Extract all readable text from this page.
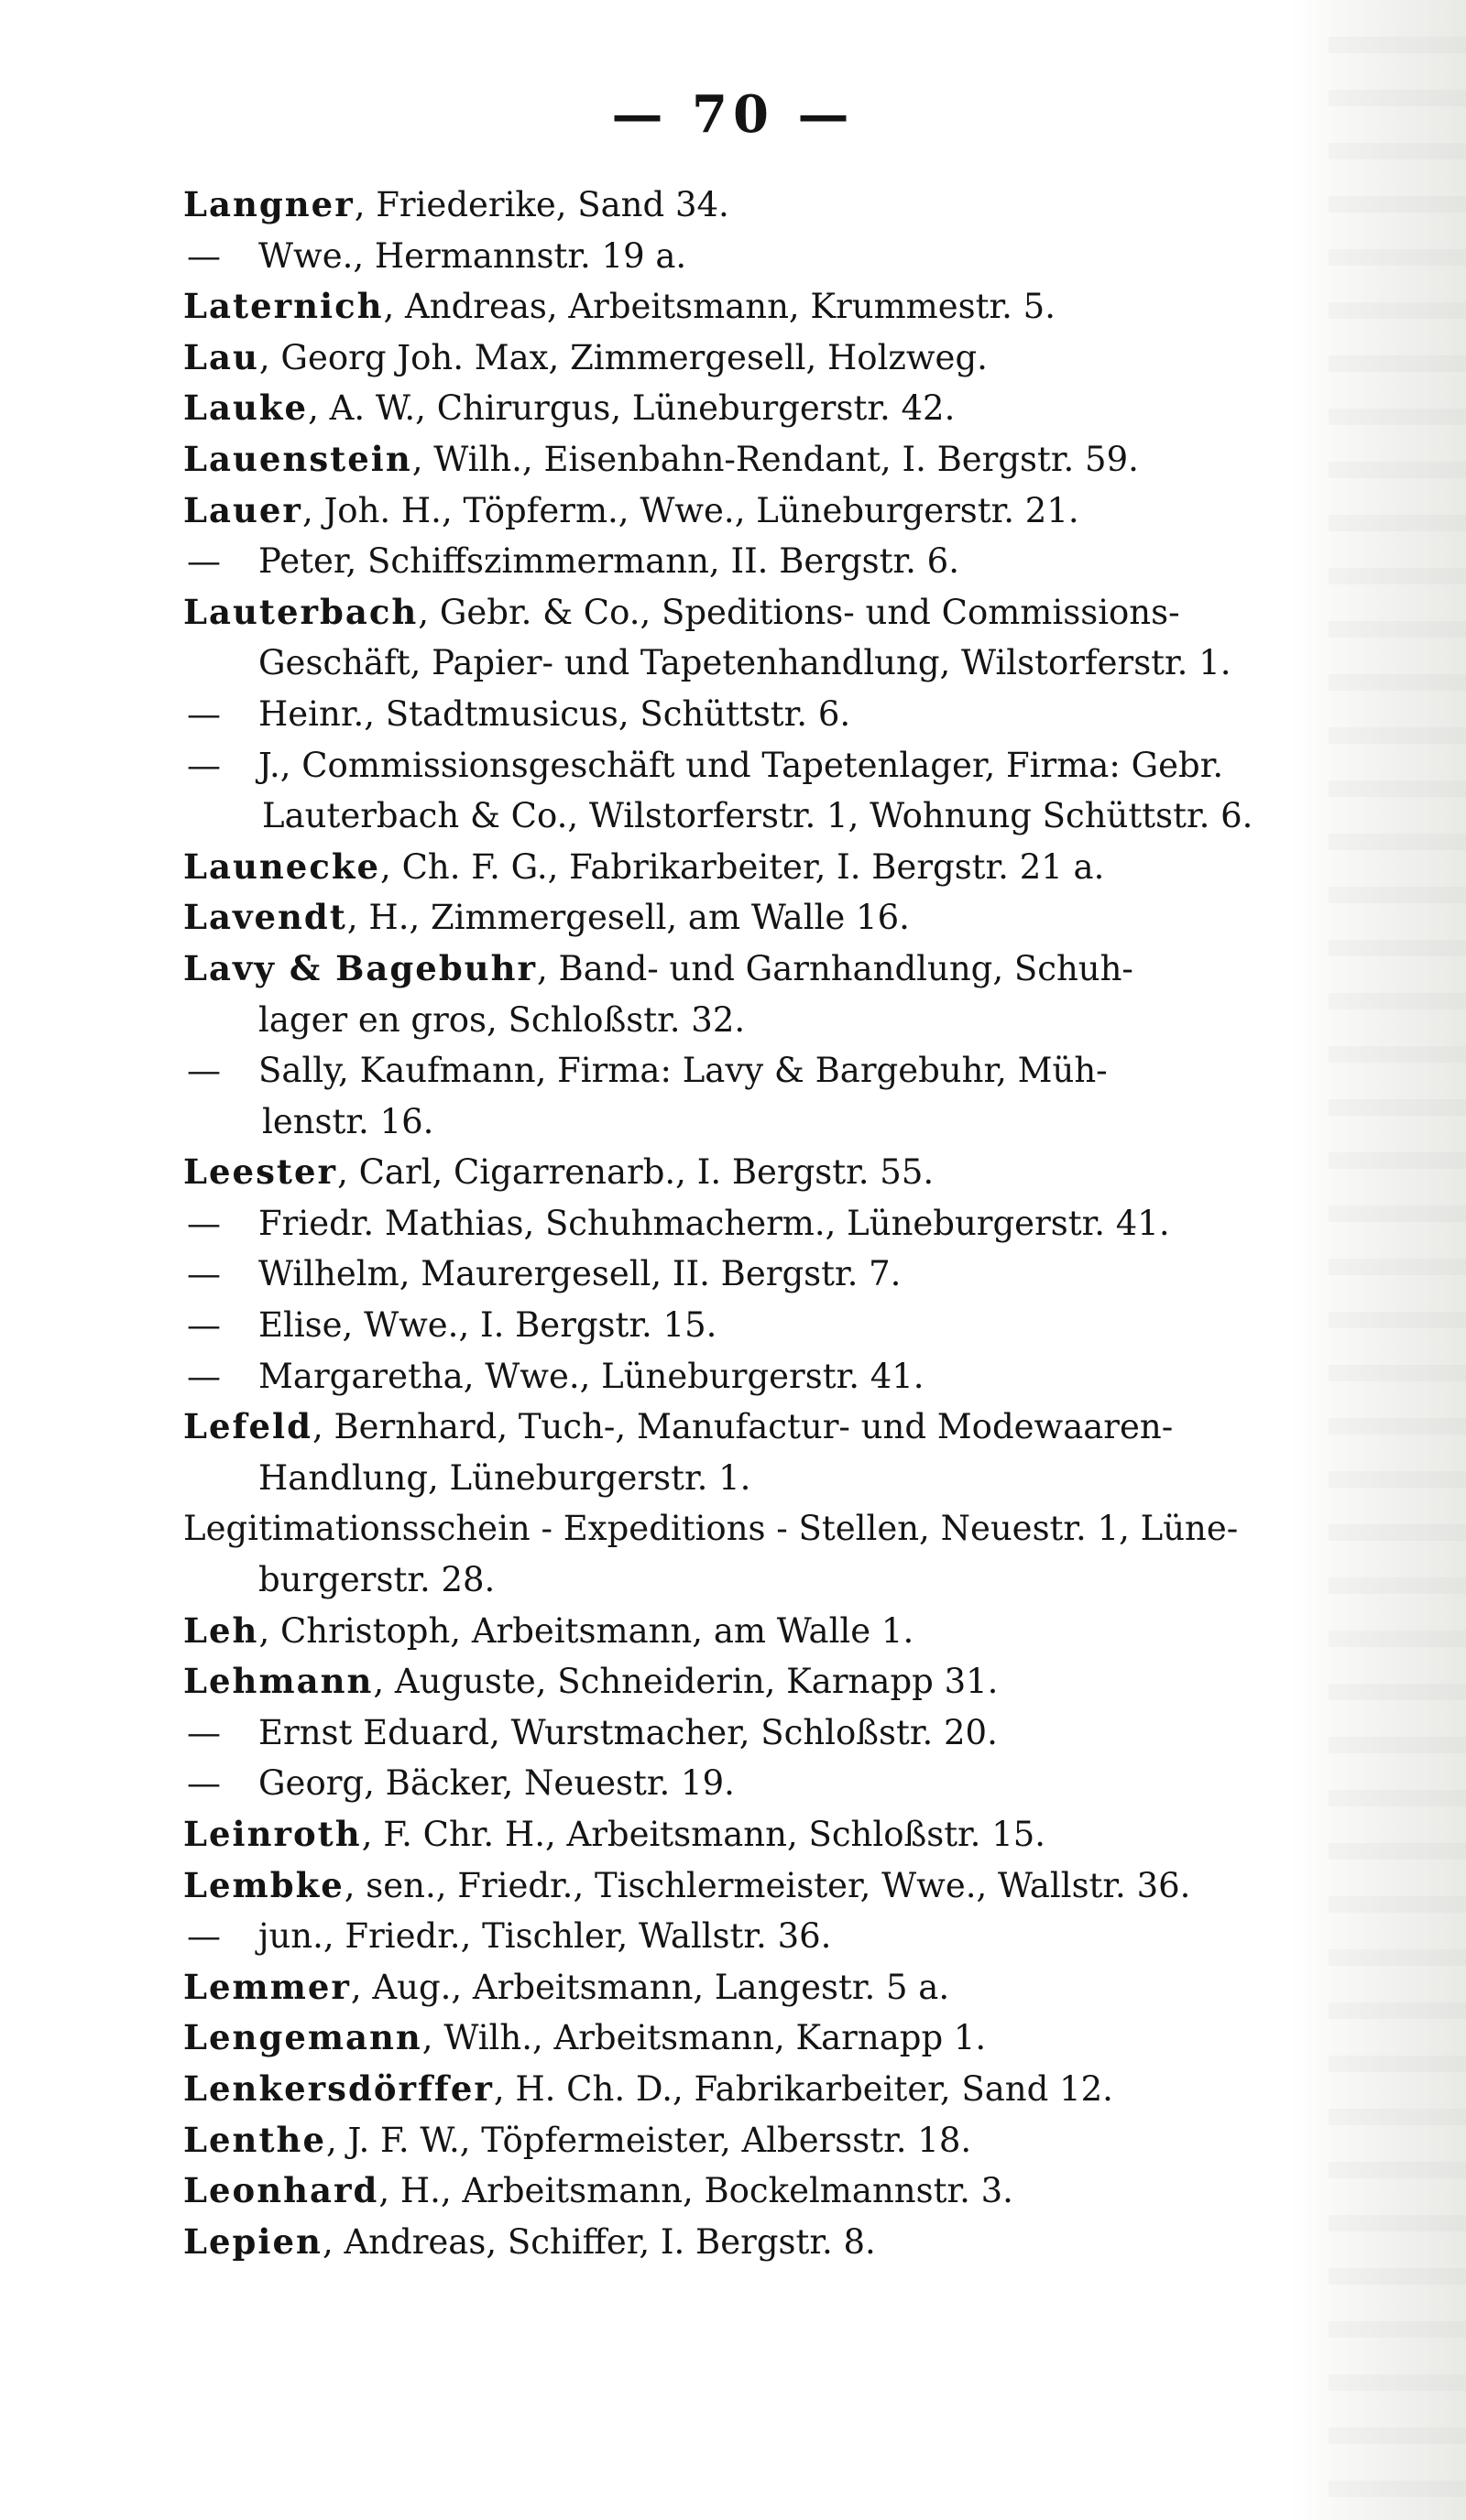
— 70 —
Langner, Friederike, Sand 34.
— Wwe., Hermannstr. 19 a.
Laternich, Andreas, Arbeitsmann, Krummestr. 5.
Lau, Georg Joh. Max, Zimmergesell, Holzweg.
Lauke, A. W., Chirurgus, Lüneburgerstr. 42.
Lauenstein, Wilh., Eisenbahn-Rendant, I. Bergstr. 59.
Lauer, Joh. H., Töpferm., Wwe., Lüneburgerstr. 21.
— Peter, Schiffszimmermann, II. Bergstr. 6.
Lauterbach, Gebr. & Co., Speditions- und Commissions-
Geschäft, Papier- und Tapetenhandlung, Wilstorferstr. 1.
— Heinr., Stadtmusicus, Schüttstr. 6.
— J., Commissionsgeschäft und Tapetenlager, Firma: Gebr.
Lauterbach & Co., Wilstorferstr. 1, Wohnung Schüttstr. 6.
Launecke, Ch. F. G., Fabrikarbeiter, I. Bergstr. 21 a.
Lavendt, H., Zimmergesell, am Walle 16.
Lavy & Bagebuhr, Band- und Garnhandlung, Schuh-
lager en gros, Schloßstr. 32.
— Sally, Kaufmann, Firma: Lavy & Bargebuhr, Müh-
lenstr. 16.
Leester, Carl, Cigarrenarb., I. Bergstr. 55.
— Friedr. Mathias, Schuhmacherm., Lüneburgerstr. 41.
— Wilhelm, Maurergesell, II. Bergstr. 7.
— Elise, Wwe., I. Bergstr. 15.
— Margaretha, Wwe., Lüneburgerstr. 41.
Lefeld, Bernhard, Tuch-, Manufactur- und Modewaaren-
Handlung, Lüneburgerstr. 1.
Legitimationsschein - Expeditions - Stellen, Neuestr. 1, Lüne-
burgerstr. 28.
Leh, Christoph, Arbeitsmann, am Walle 1.
Lehmann, Auguste, Schneiderin, Karnapp 31.
— Ernst Eduard, Wurstmacher, Schloßstr. 20.
— Georg, Bäcker, Neuestr. 19.
Leinroth, F. Chr. H., Arbeitsmann, Schloßstr. 15.
Lembke, sen., Friedr., Tischlermeister, Wwe., Wallstr. 36.
— jun., Friedr., Tischler, Wallstr. 36.
Lemmer, Aug., Arbeitsmann, Langestr. 5 a.
Lengemann, Wilh., Arbeitsmann, Karnapp 1.
Lenkersdörffer, H. Ch. D., Fabrikarbeiter, Sand 12.
Lenthe, J. F. W., Töpfermeister, Albersstr. 18.
Leonhard, H., Arbeitsmann, Bockelmannstr. 3.
Lepien, Andreas, Schiffer, I. Bergstr. 8.
